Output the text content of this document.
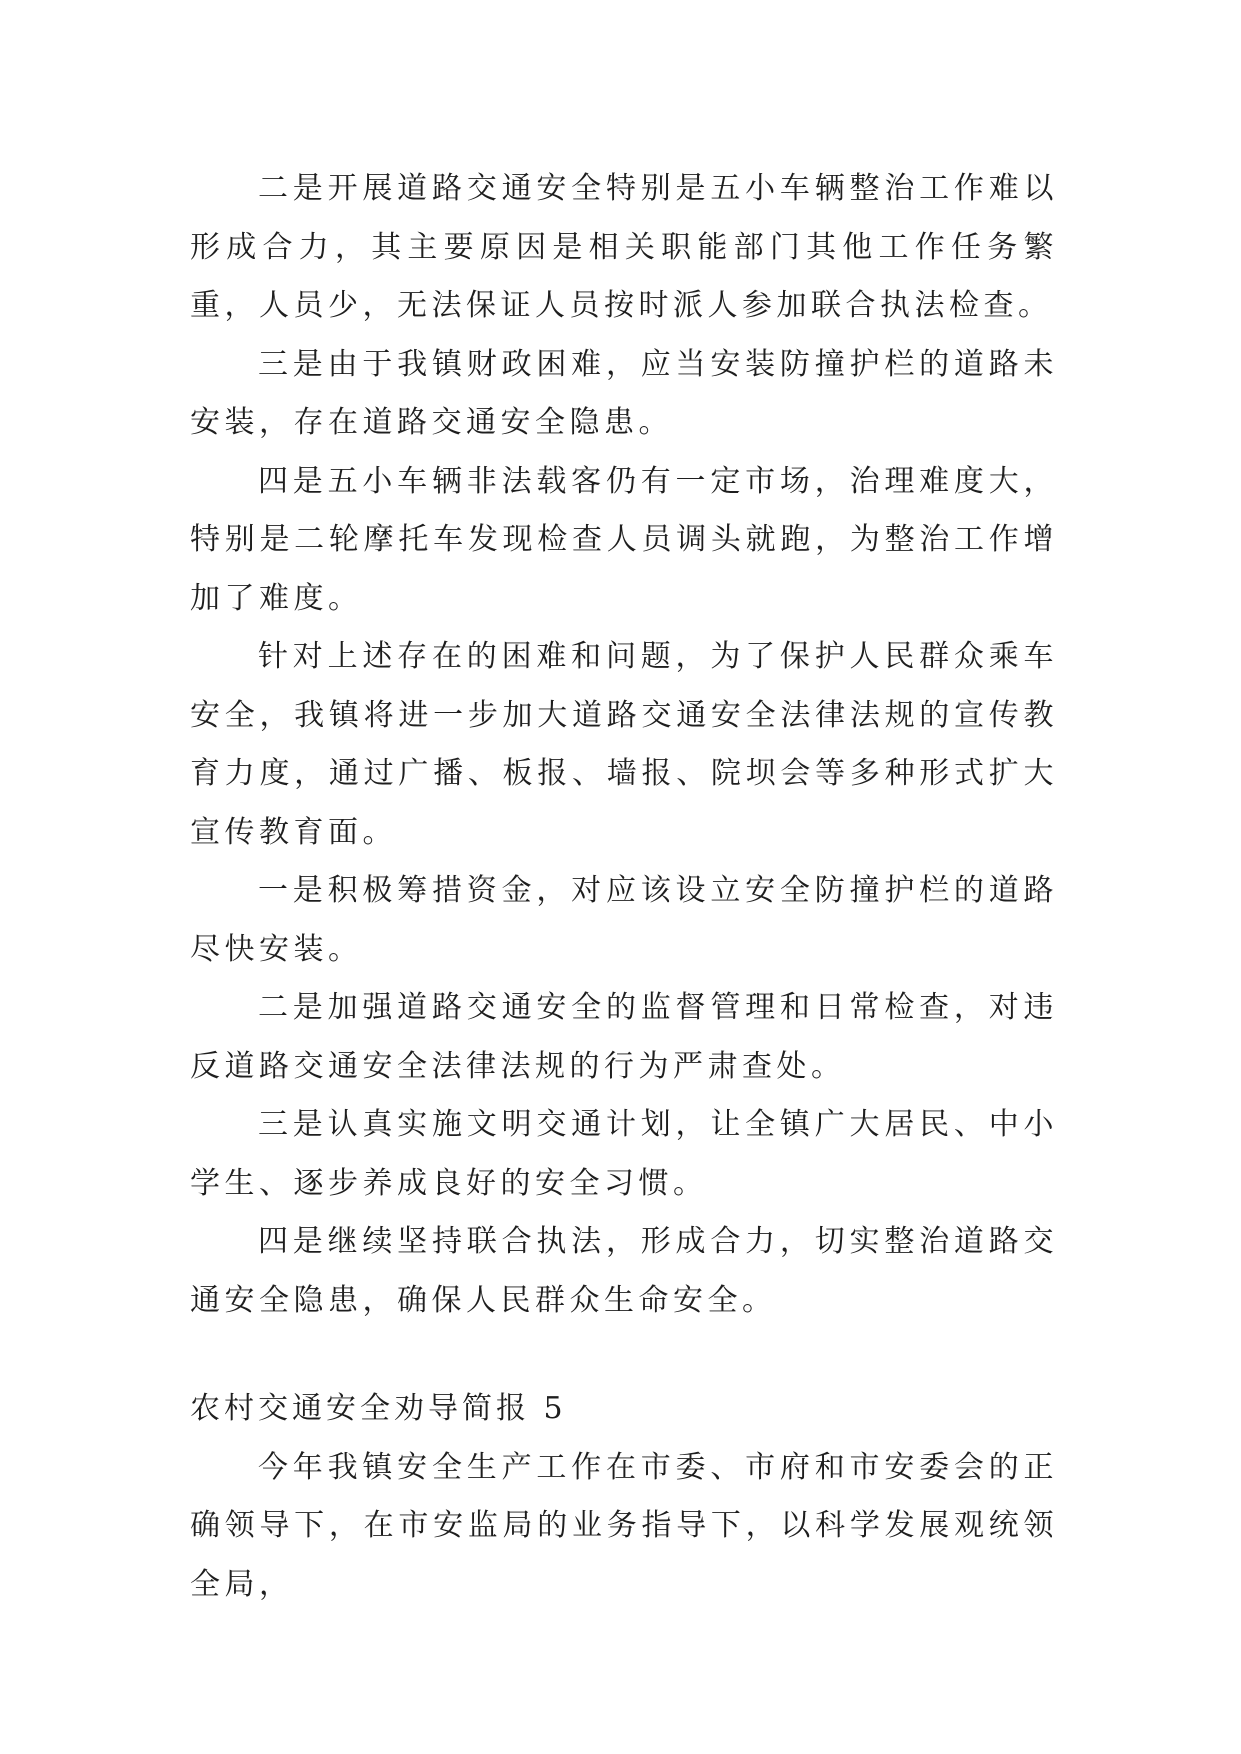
二是开展道路交通安全特别是五小车辆整治工作难以形成合力，其主要原因是相关职能部门其他工作任务繁重，人员少，无法保证人员按时派人参加联合执法检查。

三是由于我镇财政困难，应当安装防撞护栏的道路未安装，存在道路交通安全隐患。

四是五小车辆非法载客仍有一定市场，治理难度大，特别是二轮摩托车发现检查人员调头就跑，为整治工作增加了难度。

针对上述存在的困难和问题，为了保护人民群众乘车安全，我镇将进一步加大道路交通安全法律法规的宣传教育力度，通过广播、板报、墙报、院坝会等多种形式扩大宣传教育面。

一是积极筹措资金，对应该设立安全防撞护栏的道路尽快安装。

二是加强道路交通安全的监督管理和日常检查，对违反道路交通安全法律法规的行为严肃查处。

三是认真实施文明交通计划，让全镇广大居民、中小学生、逐步养成良好的安全习惯。

四是继续坚持联合执法，形成合力，切实整治道路交通安全隐患，确保人民群众生命安全。

农村交通安全劝导简报 5

今年我镇安全生产工作在市委、市府和市安委会的正确领导下，在市安监局的业务指导下，以科学发展观统领全局，
